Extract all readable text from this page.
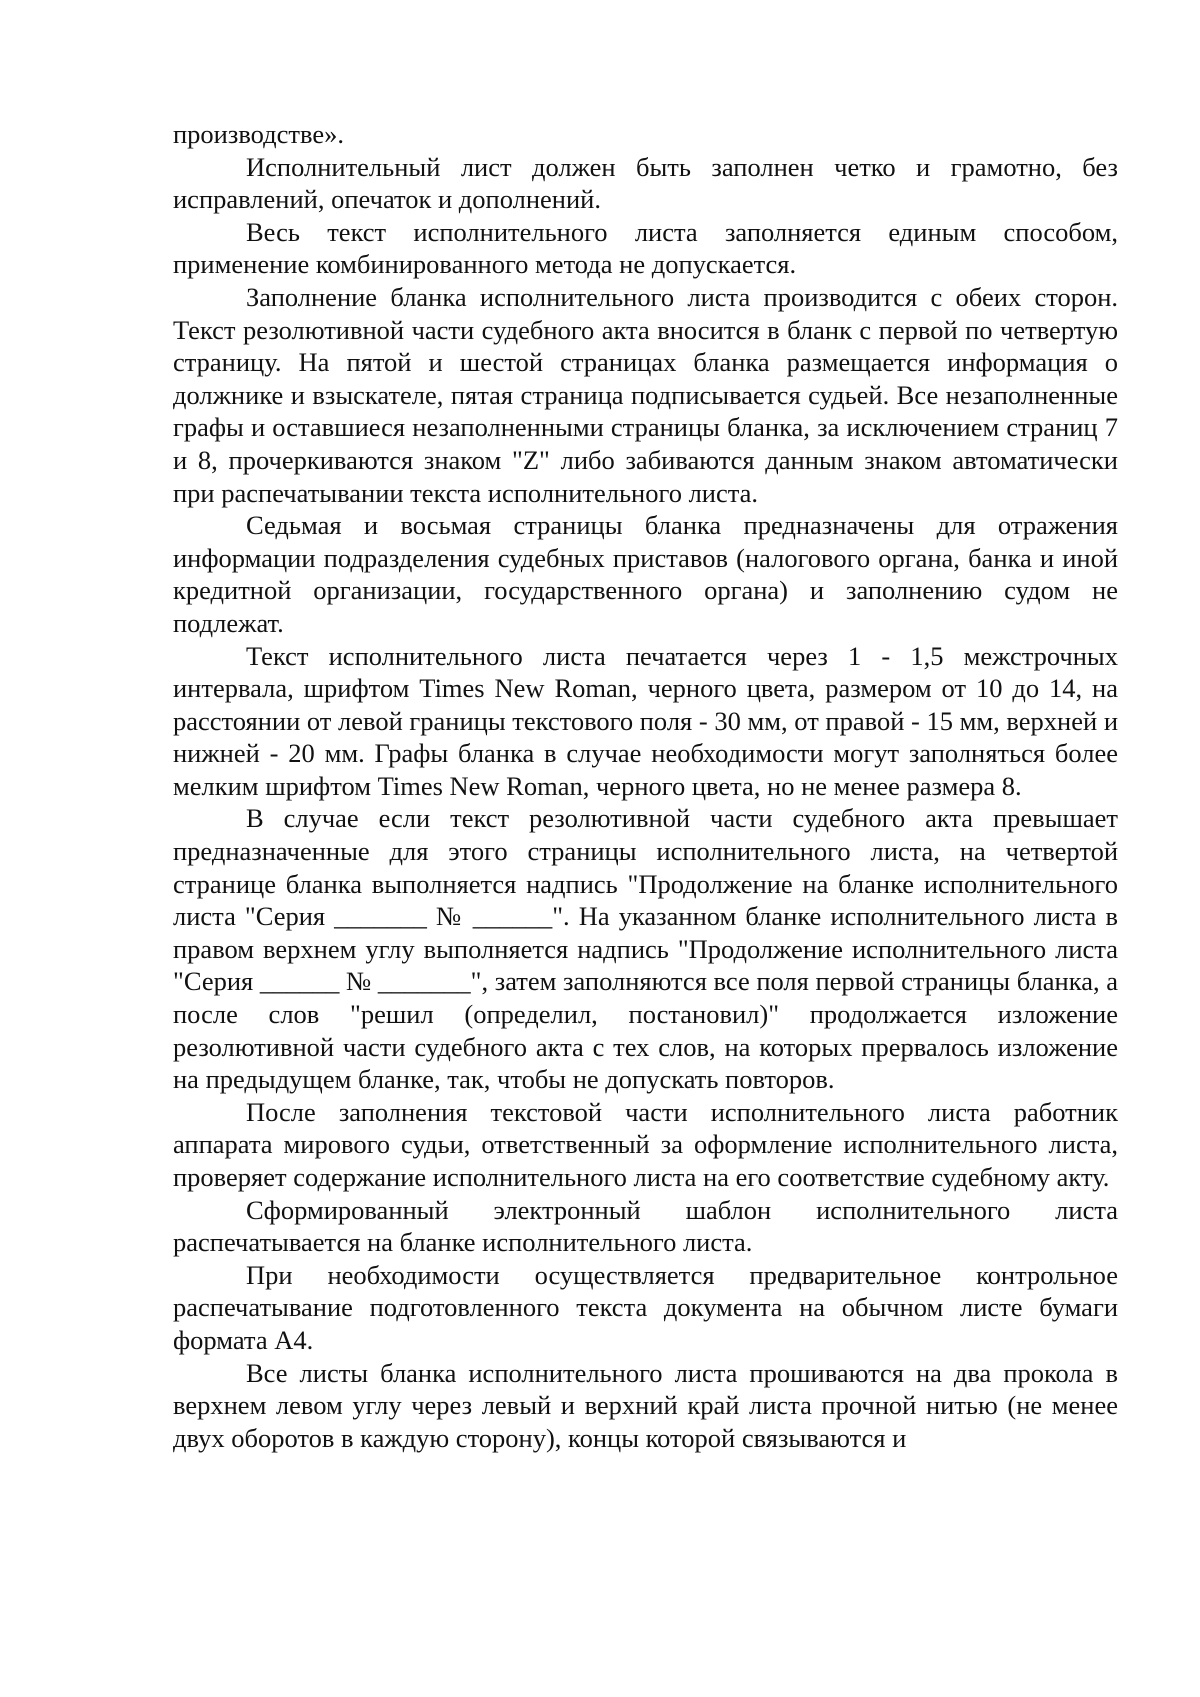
производстве».

Исполнительный лист должен быть заполнен четко и грамотно, без исправлений, опечаток и дополнений.

Весь текст исполнительного листа заполняется единым способом, применение комбинированного метода не допускается.

Заполнение бланка исполнительного листа производится с обеих сторон. Текст резолютивной части судебного акта вносится в бланк с первой по четвертую страницу. На пятой и шестой страницах бланка размещается информация о должнике и взыскателе, пятая страница подписывается судьей. Все незаполненные графы и оставшиеся незаполненными страницы бланка, за исключением страниц 7 и 8, прочеркиваются знаком "Z" либо забиваются данным знаком автоматически при распечатывании текста исполнительного листа.

Седьмая и восьмая страницы бланка предназначены для отражения информации подразделения судебных приставов (налогового органа, банка и иной кредитной организации, государственного органа) и заполнению судом не подлежат.

Текст исполнительного листа печатается через 1 - 1,5 межстрочных интервала, шрифтом Times New Roman, черного цвета, размером от 10 до 14, на расстоянии от левой границы текстового поля - 30 мм, от правой - 15 мм, верхней и нижней - 20 мм. Графы бланка в случае необходимости могут заполняться более мелким шрифтом Times New Roman, черного цвета, но не менее размера 8.

В случае если текст резолютивной части судебного акта превышает предназначенные для этого страницы исполнительного листа, на четвертой странице бланка выполняется надпись "Продолжение на бланке исполнительного листа "Серия _______ № ______". На указанном бланке исполнительного листа в правом верхнем углу выполняется надпись "Продолжение исполнительного листа "Серия ______ № _______", затем заполняются все поля первой страницы бланка, а после слов "решил (определил, постановил)" продолжается изложение резолютивной части судебного акта с тех слов, на которых прервалось изложение на предыдущем бланке, так, чтобы не допускать повторов.

После заполнения текстовой части исполнительного листа работник аппарата мирового судьи, ответственный за оформление исполнительного листа, проверяет содержание исполнительного листа на его соответствие судебному акту.

Сформированный электронный шаблон исполнительного листа распечатывается на бланке исполнительного листа.

При необходимости осуществляется предварительное контрольное распечатывание подготовленного текста документа на обычном листе бумаги формата А4.

Все листы бланка исполнительного листа прошиваются на два прокола в верхнем левом углу через левый и верхний край листа прочной нитью (не менее двух оборотов в каждую сторону), концы которой связываются и
